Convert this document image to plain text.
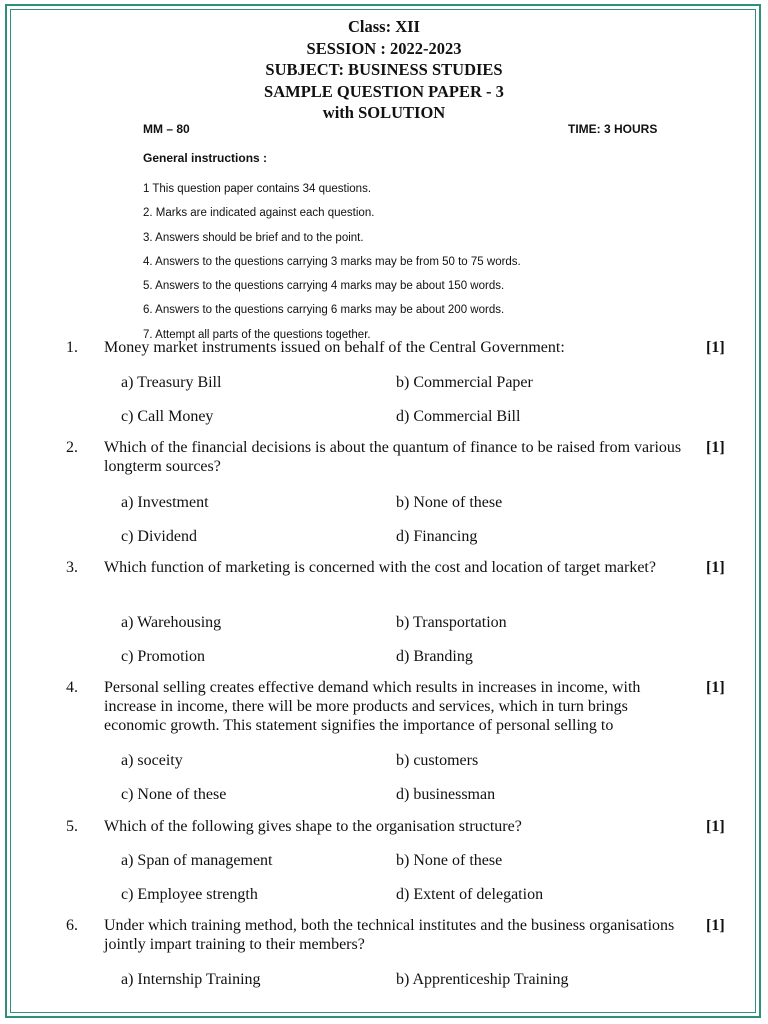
Class: XII
SESSION : 2022-2023
SUBJECT: BUSINESS STUDIES
SAMPLE QUESTION PAPER - 3
with SOLUTION
MM – 80	TIME: 3 HOURS
General instructions :
1 This question paper contains 34 questions.
2. Marks are indicated against each question.
3. Answers should be brief and to the point.
4. Answers to the questions carrying 3 marks may be from 50 to 75 words.
5. Answers to the questions carrying 4 marks may be about 150 words.
6. Answers to the questions carrying 6 marks may be about 200 words.
7. Attempt all parts of the questions together.
1. Money market instruments issued on behalf of the Central Government:	[1]
a) Treasury Bill	b) Commercial Paper
c) Call Money	d) Commercial Bill
2. Which of the financial decisions is about the quantum of finance to be raised from various longterm sources?
[1]
a) Investment	b) None of these
c) Dividend	d) Financing
3. Which function of marketing is concerned with the cost and location of target market?	[1]
a) Warehousing	b) Transportation
c) Promotion	d) Branding
4. Personal selling creates effective demand which results in increases in income, with increase in income, there will be more products and services, which in turn brings economic growth. This statement signifies the importance of personal selling to
[1]
a) soceity	b) customers
c) None of these	d) businessman
5. Which of the following gives shape to the organisation structure?	[1]
a) Span of management	b) None of these
c) Employee strength	d) Extent of delegation
6. Under which training method, both the technical institutes and the business organisations jointly impart training to their members?
[1]
a) Internship Training	b) Apprenticeship Training
